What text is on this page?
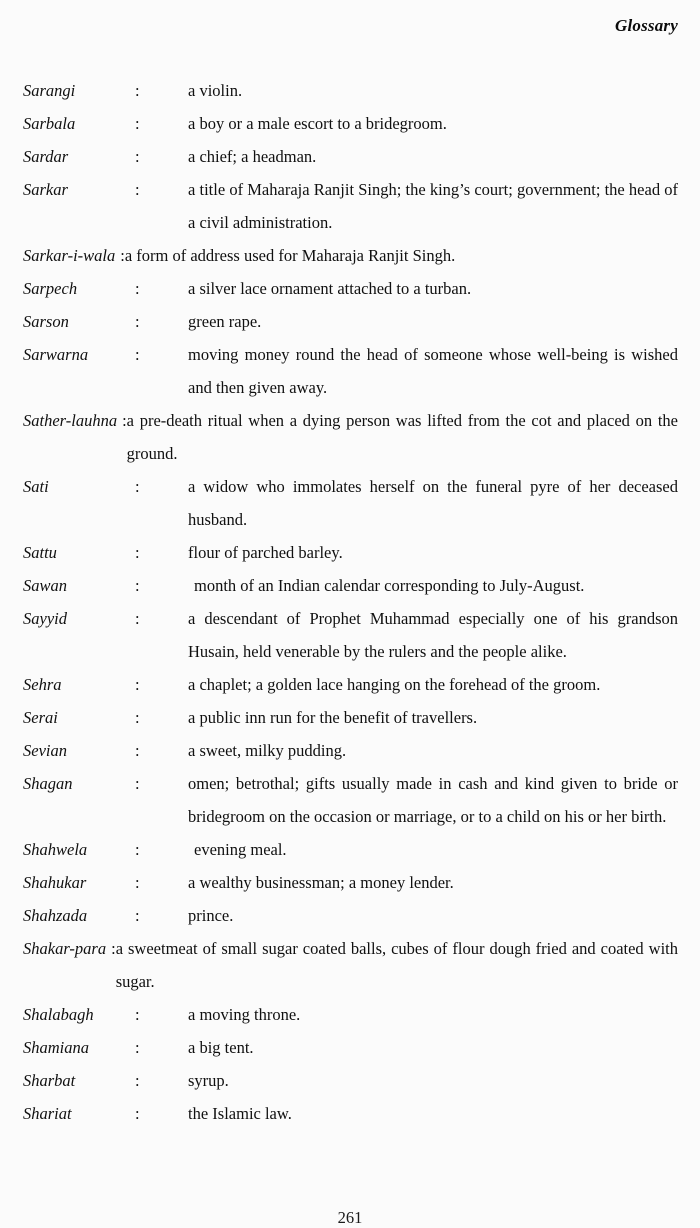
Glossary
Sarangi	:	a violin.
Sarbala	:	a boy or a male escort to a bridegroom.
Sardar	:	a chief; a headman.
Sarkar	:	a title of Maharaja Ranjit Singh; the king’s court; government; the head of a civil administration.
Sarkar-i-wala : a form of address used for Maharaja Ranjit Singh.
Sarpech	:	a silver lace ornament attached to a turban.
Sarson	:	green rape.
Sarwarna	:	moving money round the head of someone whose well-being is wished and then given away.
Sather-lauhna : a pre-death ritual when a dying person was lifted from the cot and placed on the ground.
Sati	:	a widow who immolates herself on the funeral pyre of her deceased husband.
Sattu	:	flour of parched barley.
Sawan	:	month of an Indian calendar corresponding to July-August.
Sayyid	:	a descendant of Prophet Muhammad especially one of his grandson Husain, held venerable by the rulers and the people alike.
Sehra	:	a chaplet; a golden lace hanging on the forehead of the groom.
Serai	:	a public inn run for the benefit of travellers.
Sevian	:	a sweet, milky pudding.
Shagan	:	omen; betrothal; gifts usually made in cash and kind given to bride or bridegroom on the occasion or marriage, or to a child on his or her birth.
Shahwela	:	evening meal.
Shahukar	:	a wealthy businessman; a money lender.
Shahzada	:	prince.
Shakar-para : a sweetmeat of small sugar coated balls, cubes of flour dough fried and coated with sugar.
Shalabagh	:	a moving throne.
Shamiana	:	a big tent.
Sharbat	:	syrup.
Shariat	:	the Islamic law.
261
